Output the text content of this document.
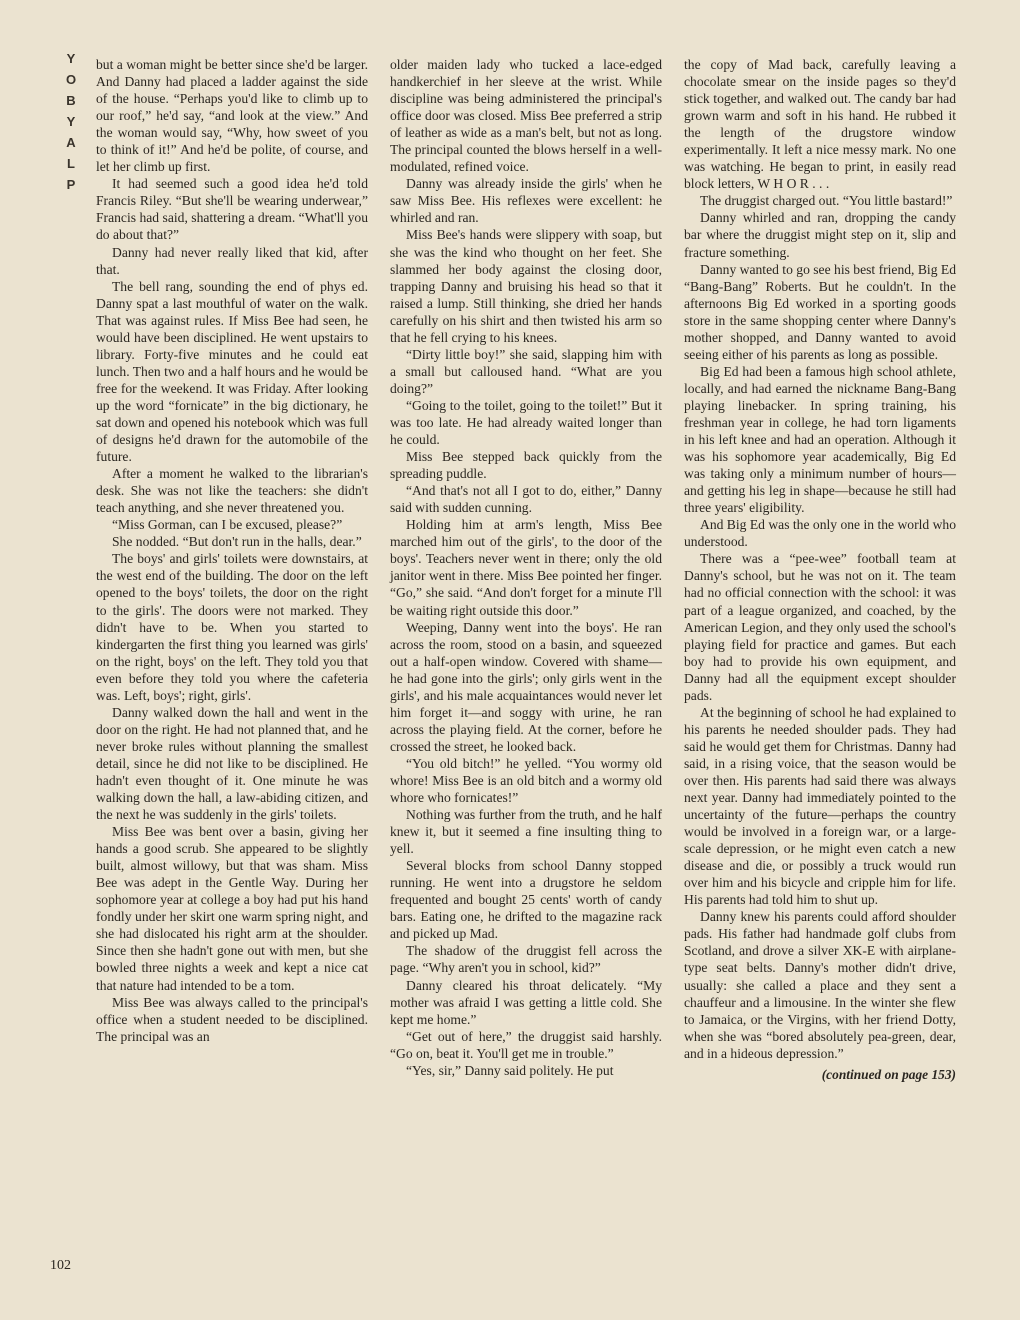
Y
O
B
Y
A
L
P

but a woman might be better since she'd be larger. And Danny had placed a ladder against the side of the house. “Perhaps you'd like to climb up to our roof,” he'd say, “and look at the view.” And the woman would say, “Why, how sweet of you to think of it!” And he'd be polite, of course, and let her climb up first.

It had seemed such a good idea he'd told Francis Riley. “But she'll be wearing underwear,” Francis had said, shattering a dream. “What'll you do about that?”

Danny had never really liked that kid, after that.

The bell rang, sounding the end of phys ed. Danny spat a last mouthful of water on the walk. That was against rules. If Miss Bee had seen, he would have been disciplined. He went upstairs to library. Forty-five minutes and he could eat lunch. Then two and a half hours and he would be free for the weekend. It was Friday. After looking up the word “fornicate” in the big dictionary, he sat down and opened his notebook which was full of designs he'd drawn for the automobile of the future.

After a moment he walked to the librarian's desk. She was not like the teachers: she didn't teach anything, and she never threatened you.

“Miss Gorman, can I be excused, please?”

She nodded. “But don't run in the halls, dear.”

The boys' and girls' toilets were downstairs, at the west end of the building. The door on the left opened to the boys' toilets, the door on the right to the girls'. The doors were not marked. They didn't have to be. When you started to kindergarten the first thing you learned was girls' on the right, boys' on the left. They told you that even before they told you where the cafeteria was. Left, boys'; right, girls'.

Danny walked down the hall and went in the door on the right. He had not planned that, and he never broke rules without planning the smallest detail, since he did not like to be disciplined. He hadn't even thought of it. One minute he was walking down the hall, a law-abiding citizen, and the next he was suddenly in the girls' toilets.

Miss Bee was bent over a basin, giving her hands a good scrub. She appeared to be slightly built, almost willowy, but that was sham. Miss Bee was adept in the Gentle Way. During her sophomore year at college a boy had put his hand fondly under her skirt one warm spring night, and she had dislocated his right arm at the shoulder. Since then she hadn't gone out with men, but she bowled three nights a week and kept a nice cat that nature had intended to be a tom.

Miss Bee was always called to the principal's office when a student needed to be disciplined. The principal was an

older maiden lady who tucked a lace-edged handkerchief in her sleeve at the wrist. While discipline was being administered the principal's office door was closed. Miss Bee preferred a strip of leather as wide as a man's belt, but not as long. The principal counted the blows herself in a well-modulated, refined voice.

Danny was already inside the girls' when he saw Miss Bee. His reflexes were excellent: he whirled and ran.

Miss Bee's hands were slippery with soap, but she was the kind who thought on her feet. She slammed her body against the closing door, trapping Danny and bruising his head so that it raised a lump. Still thinking, she dried her hands carefully on his shirt and then twisted his arm so that he fell crying to his knees.

“Dirty little boy!” she said, slapping him with a small but calloused hand. “What are you doing?”

“Going to the toilet, going to the toilet!” But it was too late. He had already waited longer than he could.

Miss Bee stepped back quickly from the spreading puddle.

“And that's not all I got to do, either,” Danny said with sudden cunning.

Holding him at arm's length, Miss Bee marched him out of the girls', to the door of the boys'. Teachers never went in there; only the old janitor went in there. Miss Bee pointed her finger. “Go,” she said. “And don't forget for a minute I'll be waiting right outside this door.”

Weeping, Danny went into the boys'. He ran across the room, stood on a basin, and squeezed out a half-open window. Covered with shame—he had gone into the girls'; only girls went in the girls', and his male acquaintances would never let him forget it—and soggy with urine, he ran across the playing field. At the corner, before he crossed the street, he looked back.

“You old bitch!” he yelled. “You wormy old whore! Miss Bee is an old bitch and a wormy old whore who fornicates!”

Nothing was further from the truth, and he half knew it, but it seemed a fine insulting thing to yell.

Several blocks from school Danny stopped running. He went into a drugstore he seldom frequented and bought 25 cents' worth of candy bars. Eating one, he drifted to the magazine rack and picked up Mad.

The shadow of the druggist fell across the page. “Why aren't you in school, kid?”

Danny cleared his throat delicately. “My mother was afraid I was getting a little cold. She kept me home.”

“Get out of here,” the druggist said harshly. “Go on, beat it. You'll get me in trouble.”

“Yes, sir,” Danny said politely. He put

the copy of Mad back, carefully leaving a chocolate smear on the inside pages so they'd stick together, and walked out. The candy bar had grown warm and soft in his hand. He rubbed it the length of the drugstore window experimentally. It left a nice messy mark. No one was watching. He began to print, in easily read block letters, W H O R . . .

The druggist charged out. “You little bastard!”

Danny whirled and ran, dropping the candy bar where the druggist might step on it, slip and fracture something.

Danny wanted to go see his best friend, Big Ed “Bang-Bang” Roberts. But he couldn't. In the afternoons Big Ed worked in a sporting goods store in the same shopping center where Danny's mother shopped, and Danny wanted to avoid seeing either of his parents as long as possible.

Big Ed had been a famous high school athlete, locally, and had earned the nickname Bang-Bang playing linebacker. In spring training, his freshman year in college, he had torn ligaments in his left knee and had an operation. Although it was his sophomore year academically, Big Ed was taking only a minimum number of hours—and getting his leg in shape—because he still had three years' eligibility.

And Big Ed was the only one in the world who understood.

There was a “pee-wee” football team at Danny's school, but he was not on it. The team had no official connection with the school: it was part of a league organized, and coached, by the American Legion, and they only used the school's playing field for practice and games. But each boy had to provide his own equipment, and Danny had all the equipment except shoulder pads.

At the beginning of school he had explained to his parents he needed shoulder pads. They had said he would get them for Christmas. Danny had said, in a rising voice, that the season would be over then. His parents had said there was always next year. Danny had immediately pointed to the uncertainty of the future—perhaps the country would be involved in a foreign war, or a large-scale depression, or he might even catch a new disease and die, or possibly a truck would run over him and his bicycle and cripple him for life. His parents had told him to shut up.

Danny knew his parents could afford shoulder pads. His father had handmade golf clubs from Scotland, and drove a silver XK-E with airplane-type seat belts. Danny's mother didn't drive, usually: she called a place and they sent a chauffeur and a limousine. In the winter she flew to Jamaica, or the Virgins, with her friend Dotty, when she was “bored absolutely pea-green, dear, and in a hideous depression.”

(continued on page 153)
102
